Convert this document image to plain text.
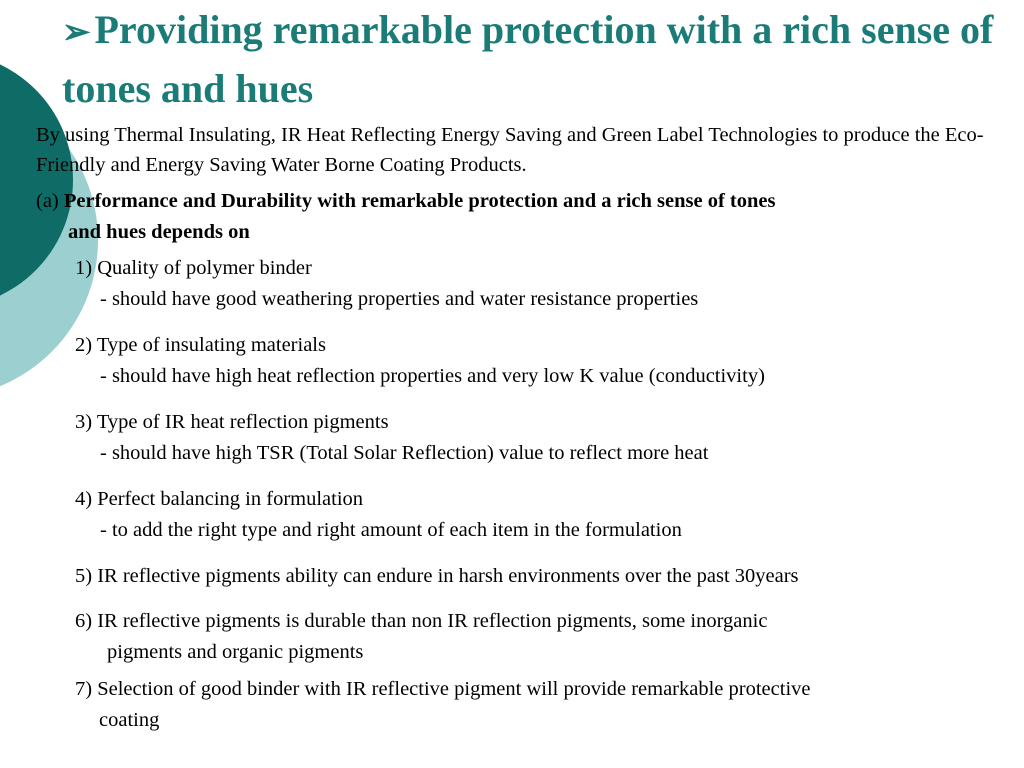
➢ Providing remarkable protection with a rich sense of tones and hues

By using Thermal Insulating, IR Heat Reflecting Energy Saving and Green Label Technologies to produce the Eco-Friendly and Energy Saving Water Borne Coating Products.

(a) Performance and Durability with remarkable protection and a rich sense of tones
and hues depends on

1) Quality of polymer binder
- should have good weathering properties and water resistance properties

2) Type of insulating materials
- should have high heat reflection properties and very low K value (conductivity)

3) Type of IR heat reflection pigments
- should have high TSR (Total Solar Reflection) value to reflect more heat

4) Perfect balancing in formulation
- to add the right type and right amount of each item in the formulation

5) IR reflective pigments ability can endure in harsh environments over the past 30years

6) IR reflective pigments is durable than non IR reflection pigments, some inorganic
pigments and organic pigments

7) Selection of good binder with IR reflective pigment will provide remarkable protective
coating
